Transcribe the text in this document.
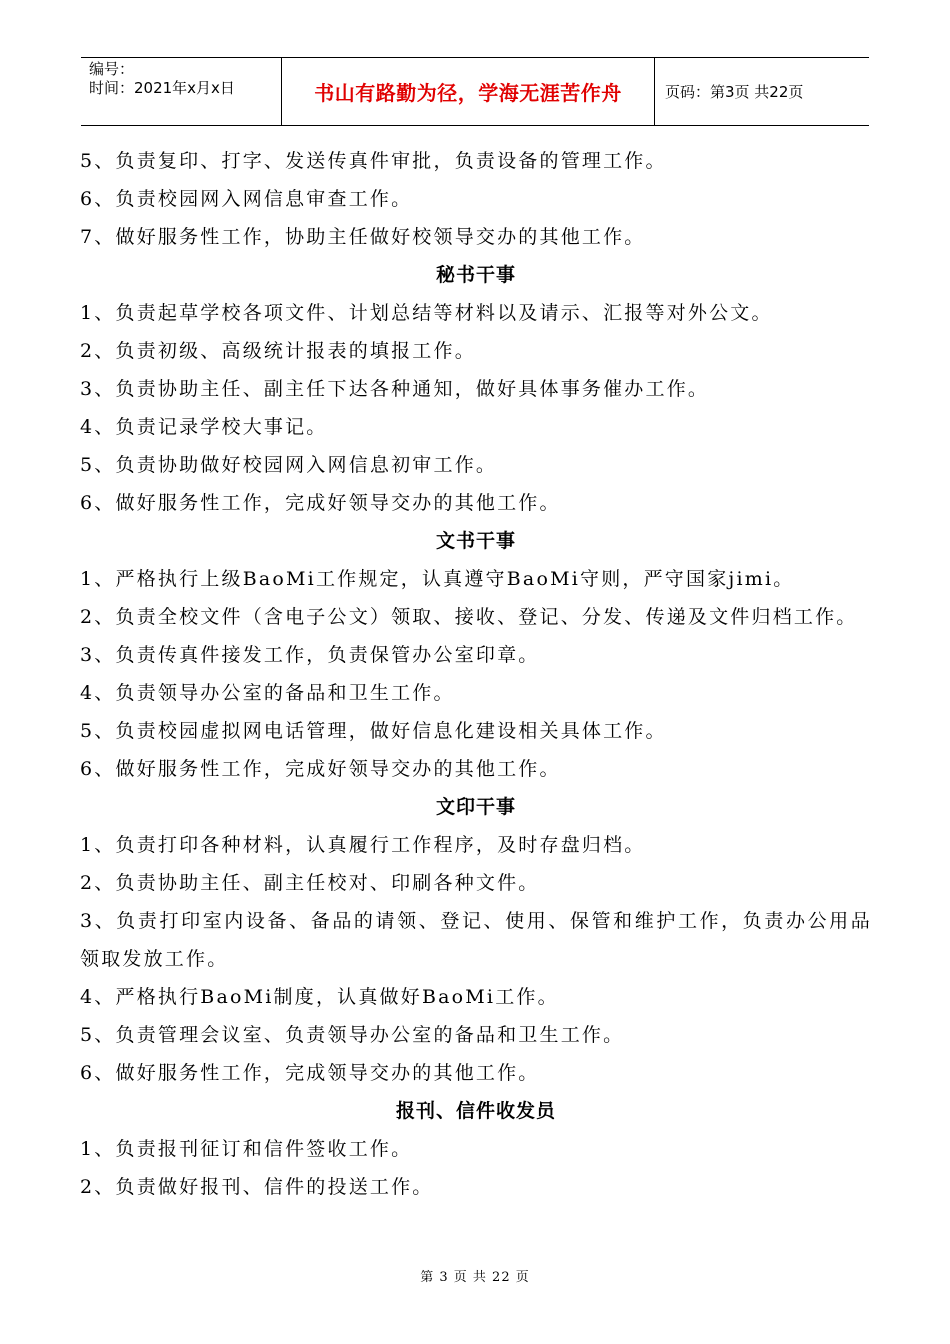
编号：
时间：2021年x月x日	书山有路勤为径，学海无涯苦作舟	页码：第3页 共22页
5、负责复印、打字、发送传真件审批，负责设备的管理工作。
6、负责校园网入网信息审查工作。
7、做好服务性工作，协助主任做好校领导交办的其他工作。
秘书干事
1、负责起草学校各项文件、计划总结等材料以及请示、汇报等对外公文。
2、负责初级、高级统计报表的填报工作。
3、负责协助主任、副主任下达各种通知，做好具体事务催办工作。
4、负责记录学校大事记。
5、负责协助做好校园网入网信息初审工作。
6、做好服务性工作，完成好领导交办的其他工作。
文书干事
1、严格执行上级BaoMi工作规定，认真遵守BaoMi守则，严守国家jimi。
2、负责全校文件（含电子公文）领取、接收、登记、分发、传递及文件归档工作。
3、负责传真件接发工作，负责保管办公室印章。
4、负责领导办公室的备品和卫生工作。
5、负责校园虚拟网电话管理，做好信息化建设相关具体工作。
6、做好服务性工作，完成好领导交办的其他工作。
文印干事
1、负责打印各种材料，认真履行工作程序，及时存盘归档。
2、负责协助主任、副主任校对、印刷各种文件。
3、负责打印室内设备、备品的请领、登记、使用、保管和维护工作，负责办公用品领取发放工作。
4、严格执行BaoMi制度，认真做好BaoMi工作。
5、负责管理会议室、负责领导办公室的备品和卫生工作。
6、做好服务性工作，完成领导交办的其他工作。
报刊、信件收发员
1、负责报刊征订和信件签收工作。
2、负责做好报刊、信件的投送工作。
第 3 页 共 22 页
